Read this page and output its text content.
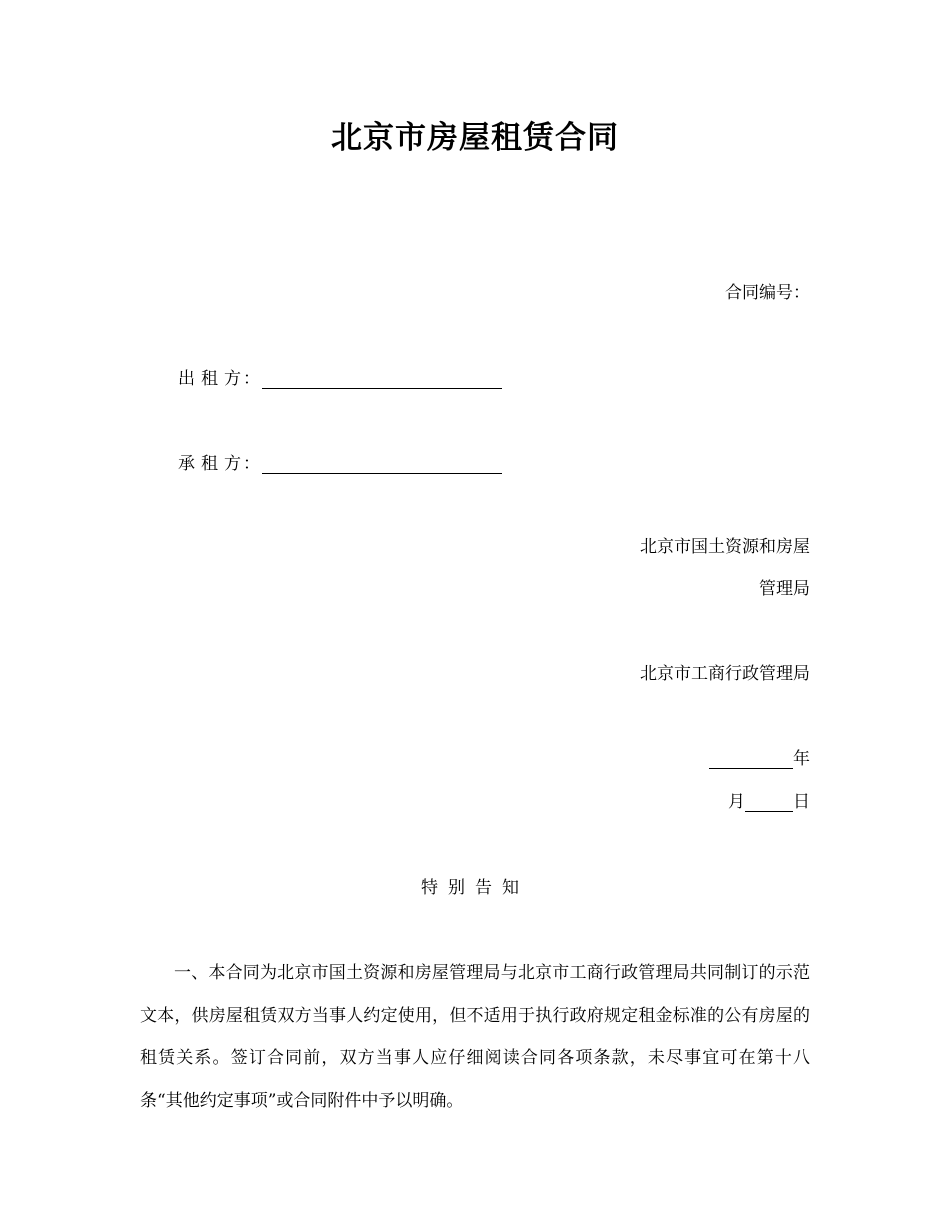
北京市房屋租赁合同
合同编号：
出租方
：
承租方
：
北京市国土资源和房屋
管理局
北京市工商行政管理局
年
月	日
特别告知
一、本合同为北京市国土资源和房屋管理局与北京市工商行政管理局共同制订的示范文本，供房屋租赁双方当事人约定使用，但不适用于执行政府规定租金标准的公有房屋的租赁关系。签订合同前，双方当事人应仔细阅读合同各项条款，未尽事宜可在第十八条“其他约定事项”或合同附件中予以明确。
